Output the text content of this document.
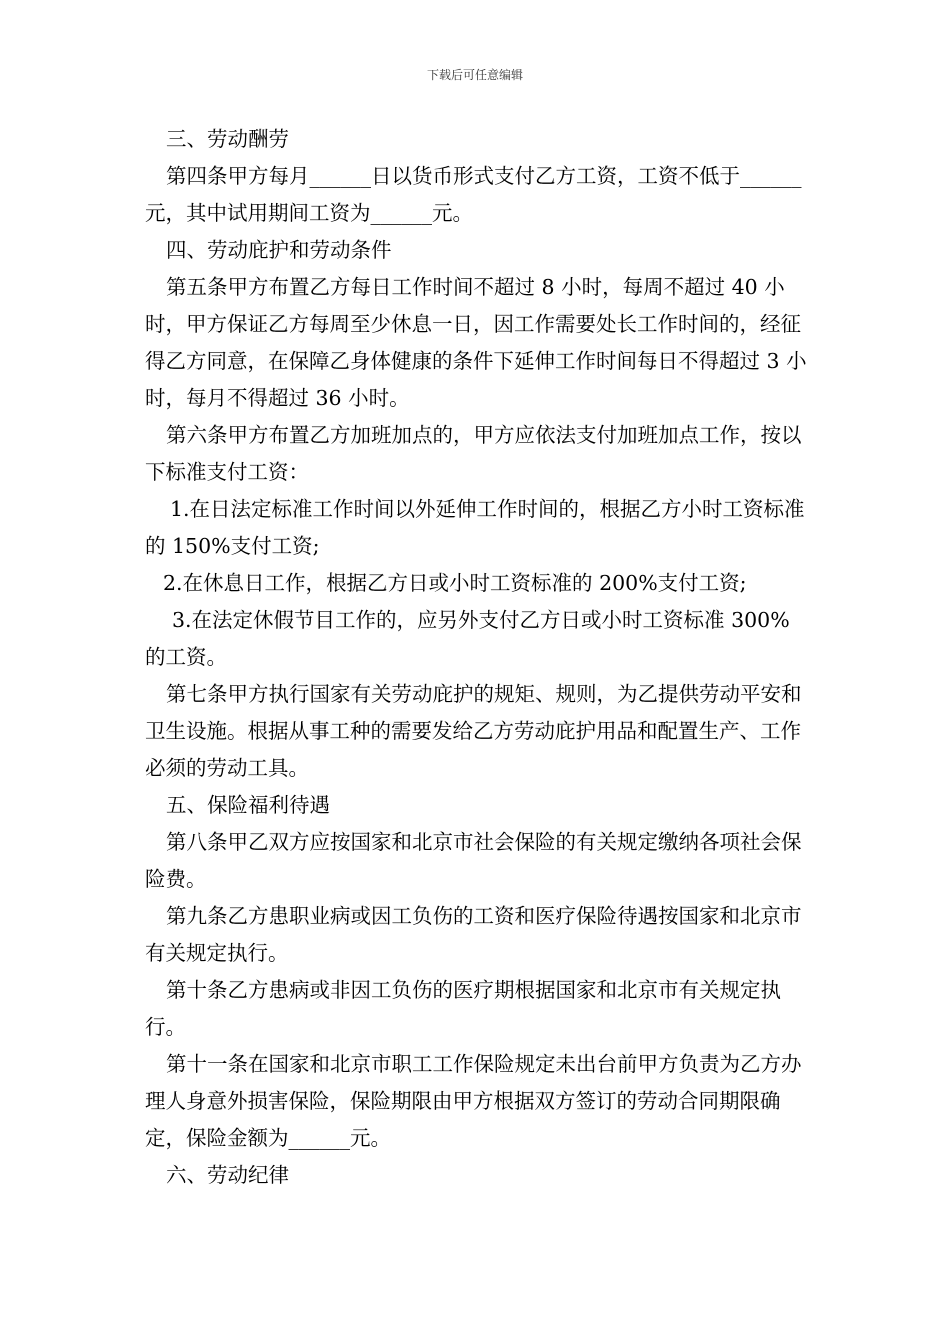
下载后可任意编辑

三、劳动酬劳

第四条甲方每月______日以货币形式支付乙方工资，工资不低于______元，其中试用期间工资为______元。

四、劳动庇护和劳动条件

第五条甲方布置乙方每日工作时间不超过 8 小时，每周不超过 40 小时，甲方保证乙方每周至少休息一日，因工作需要处长工作时间的，经征得乙方同意，在保障乙身体健康的条件下延伸工作时间每日不得超过 3 小时，每月不得超过 36 小时。

第六条甲方布置乙方加班加点的，甲方应依法支付加班加点工作，按以下标准支付工资：

1.在日法定标准工作时间以外延伸工作时间的，根据乙方小时工资标准的 150%支付工资;

2.在休息日工作，根据乙方日或小时工资标准的 200%支付工资;

3.在法定休假节目工作的，应另外支付乙方日或小时工资标准 300%的工资。

第七条甲方执行国家有关劳动庇护的规矩、规则，为乙提供劳动平安和卫生设施。根据从事工种的需要发给乙方劳动庇护用品和配置生产、工作必须的劳动工具。

五、保险福利待遇

第八条甲乙双方应按国家和北京市社会保险的有关规定缴纳各项社会保险费。

第九条乙方患职业病或因工负伤的工资和医疗保险待遇按国家和北京市有关规定执行。

第十条乙方患病或非因工负伤的医疗期根据国家和北京市有关规定执行。

第十一条在国家和北京市职工工作保险规定未出台前甲方负责为乙方办理人身意外损害保险，保险期限由甲方根据双方签订的劳动合同期限确定，保险金额为______元。

六、劳动纪律
